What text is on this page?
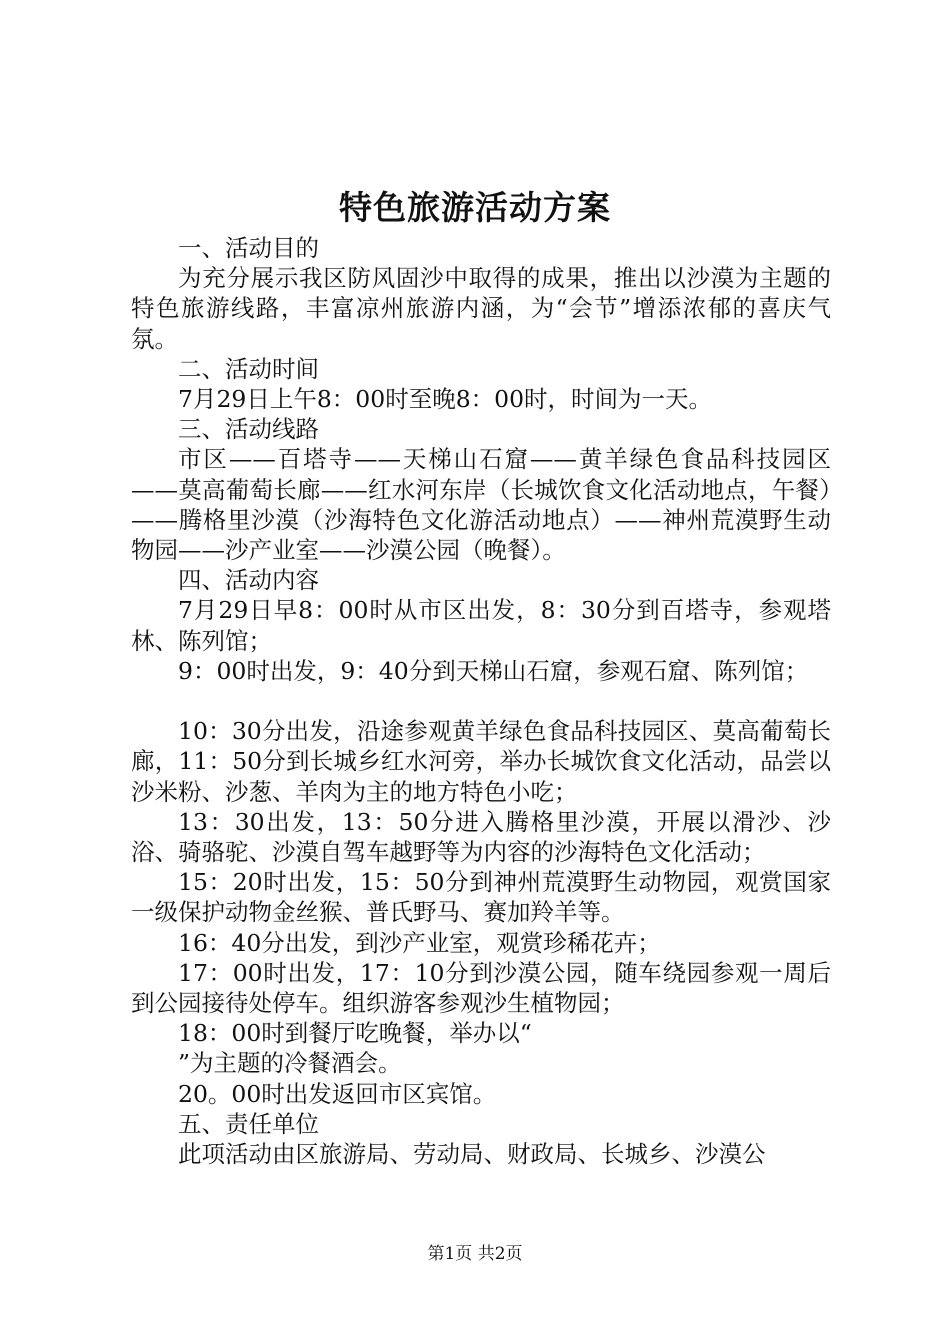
特色旅游活动方案

一、活动目的

为充分展示我区防风固沙中取得的成果，推出以沙漠为主题的特色旅游线路，丰富凉州旅游内涵，为“会节”增添浓郁的喜庆气氛。

二、活动时间

7月29日上午8：00时至晚8：00时，时间为一天。

三、活动线路

市区——百塔寺——天梯山石窟——黄羊绿色食品科技园区——莫高葡萄长廊——红水河东岸（长城饮食文化活动地点，午餐）——腾格里沙漠（沙海特色文化游活动地点）——神州荒漠野生动物园——沙产业室——沙漠公园（晚餐）。

四、活动内容

7月29日早8：00时从市区出发，8：30分到百塔寺，参观塔林、陈列馆；

9：00时出发，9：40分到天梯山石窟，参观石窟、陈列馆；

10：30分出发，沿途参观黄羊绿色食品科技园区、莫高葡萄长廊，11：50分到长城乡红水河旁，举办长城饮食文化活动，品尝以沙米粉、沙葱、羊肉为主的地方特色小吃；

13：30出发，13：50分进入腾格里沙漠，开展以滑沙、沙浴、骑骆驼、沙漠自驾车越野等为内容的沙海特色文化活动；

15：20时出发，15：50分到神州荒漠野生动物园，观赏国家一级保护动物金丝猴、普氏野马、赛加羚羊等。

16：40分出发，到沙产业室，观赏珍稀花卉；

17：00时出发，17：10分到沙漠公园，随车绕园参观一周后到公园接待处停车。组织游客参观沙生植物园；

18：00时到餐厅吃晚餐，举办以“

”为主题的冷餐酒会。

20。00时出发返回市区宾馆。

五、责任单位

此项活动由区旅游局、劳动局、财政局、长城乡、沙漠公

第1页 共2页
